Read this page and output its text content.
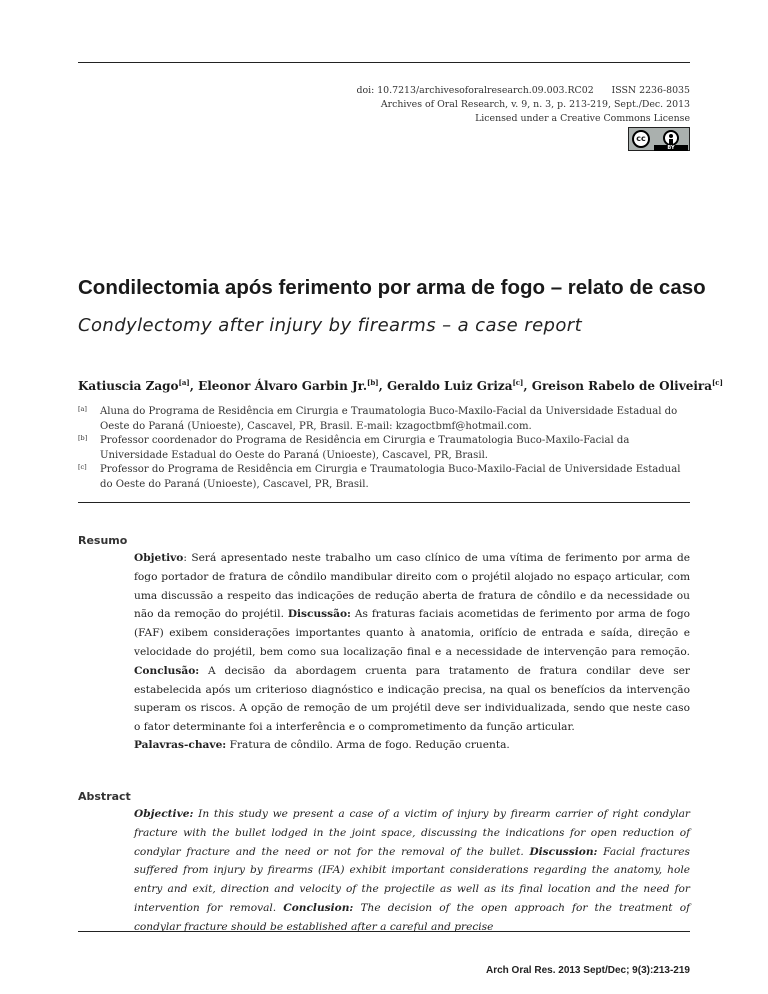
doi: 10.7213/archivesoforalresearch.09.003.RC02      ISSN 2236-8035
Archives of Oral Research, v. 9, n. 3, p. 213-219, Sept./Dec. 2013
Licensed under a Creative Commons License
cc
BY
Condilectomia após ferimento por arma de fogo – relato de caso
Condylectomy after injury by firearms – a case report
Katiuscia Zago[a], Eleonor Álvaro Garbin Jr.[b], Geraldo Luiz Griza[c], Greison Rabelo de Oliveira[c]
[a] Aluna do Programa de Residência em Cirurgia e Traumatologia Buco-Maxilo-Facial da Universidade Estadual do Oeste do Paraná (Unioeste), Cascavel, PR, Brasil. E-mail: kzagoctbmf@hotmail.com.
[b] Professor coordenador do Programa de Residência em Cirurgia e Traumatologia Buco-Maxilo-Facial da Universidade Estadual do Oeste do Paraná (Unioeste), Cascavel, PR, Brasil.
[c] Professor do Programa de Residência em Cirurgia e Traumatologia Buco-Maxilo-Facial de Universidade Estadual do Oeste do Paraná (Unioeste), Cascavel, PR, Brasil.
Resumo
Objetivo: Será apresentado neste trabalho um caso clínico de uma vítima de ferimento por arma de fogo portador de fratura de côndilo mandibular direito com o projétil alojado no espaço articular, com uma discussão a respeito das indicações de redução aberta de fratura de côndilo e da necessidade ou não da remoção do projétil. Discussão: As fraturas faciais acometidas de ferimento por arma de fogo (FAF) exibem considerações importantes quanto à anatomia, orifício de entrada e saída, direção e velocidade do projétil, bem como sua localização final e a necessidade de intervenção para remoção. Conclusão: A decisão da abordagem cruenta para tratamento de fratura condilar deve ser estabelecida após um criterioso diagnóstico e indicação precisa, na qual os benefícios da intervenção superam os riscos. A opção de remoção de um projétil deve ser individualizada, sendo que neste caso o fator determinante foi a interferência e o comprometimento da função articular.
Palavras-chave: Fratura de côndilo. Arma de fogo. Redução cruenta.
Abstract
Objective: In this study we present a case of a victim of injury by firearm carrier of right condylar fracture with the bullet lodged in the joint space, discussing the indications for open reduction of condylar fracture and the need or not for the removal of the bullet. Discussion: Facial fractures suffered from injury by firearms (IFA) exhibit important considerations regarding the anatomy, hole entry and exit, direction and velocity of the projectile as well as its final location and the need for intervention for removal. Conclusion: The decision of the open approach for the treatment of condylar fracture should be established after a careful and precise
Arch Oral Res. 2013 Sept/Dec; 9(3):213-219
